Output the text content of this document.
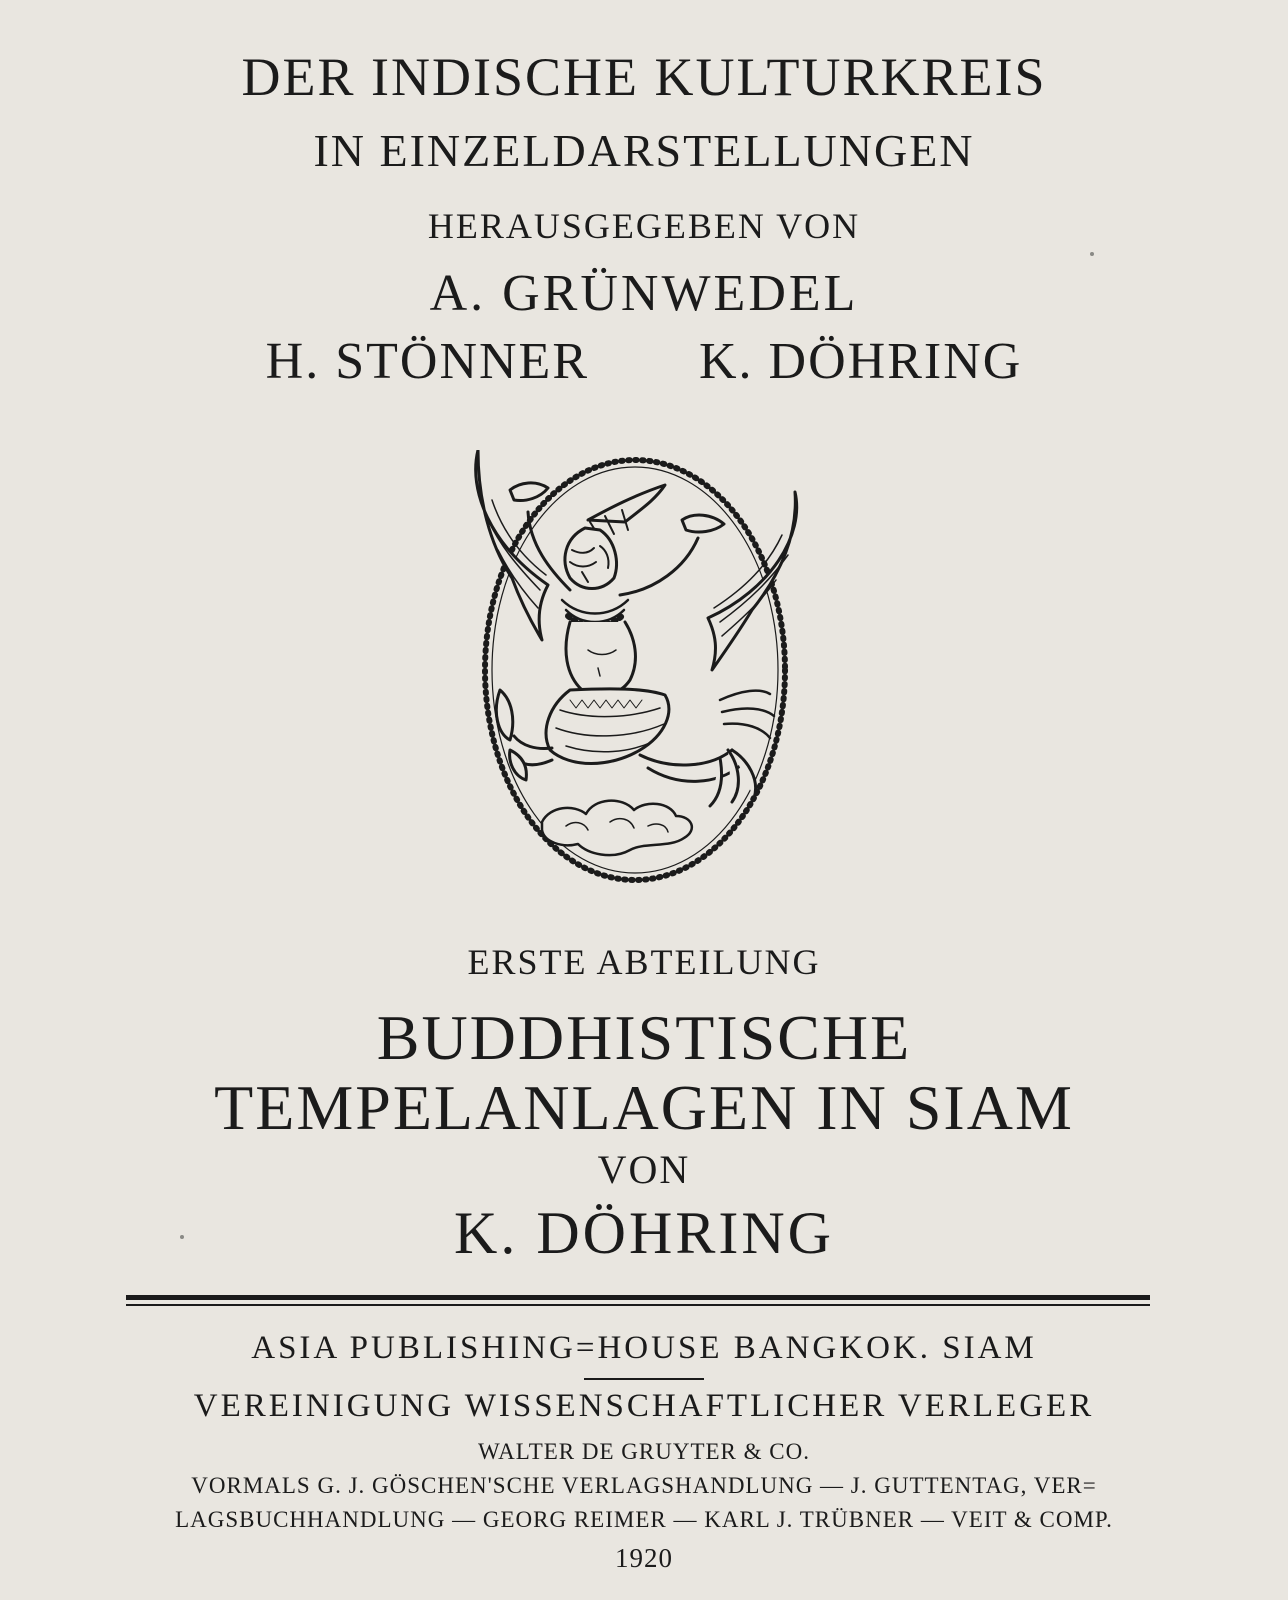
DER INDISCHE KULTURKREIS
IN EINZELDARSTELLUNGEN
HERAUSGEGEBEN VON
A. GRÜNWEDEL
H. STÖNNER K. DÖHRING
ERSTE ABTEILUNG
BUDDHISTISCHE
TEMPELANLAGEN IN SIAM
VON
K. DÖHRING
ASIA PUBLISHING=HOUSE BANGKOK. SIAM
VEREINIGUNG WISSENSCHAFTLICHER VERLEGER
WALTER DE GRUYTER & CO.
VORMALS G. J. GÖSCHEN'SCHE VERLAGSHANDLUNG — J. GUTTENTAG, VER=
LAGSBUCHHANDLUNG — GEORG REIMER — KARL J. TRÜBNER — VEIT & COMP.
1920
